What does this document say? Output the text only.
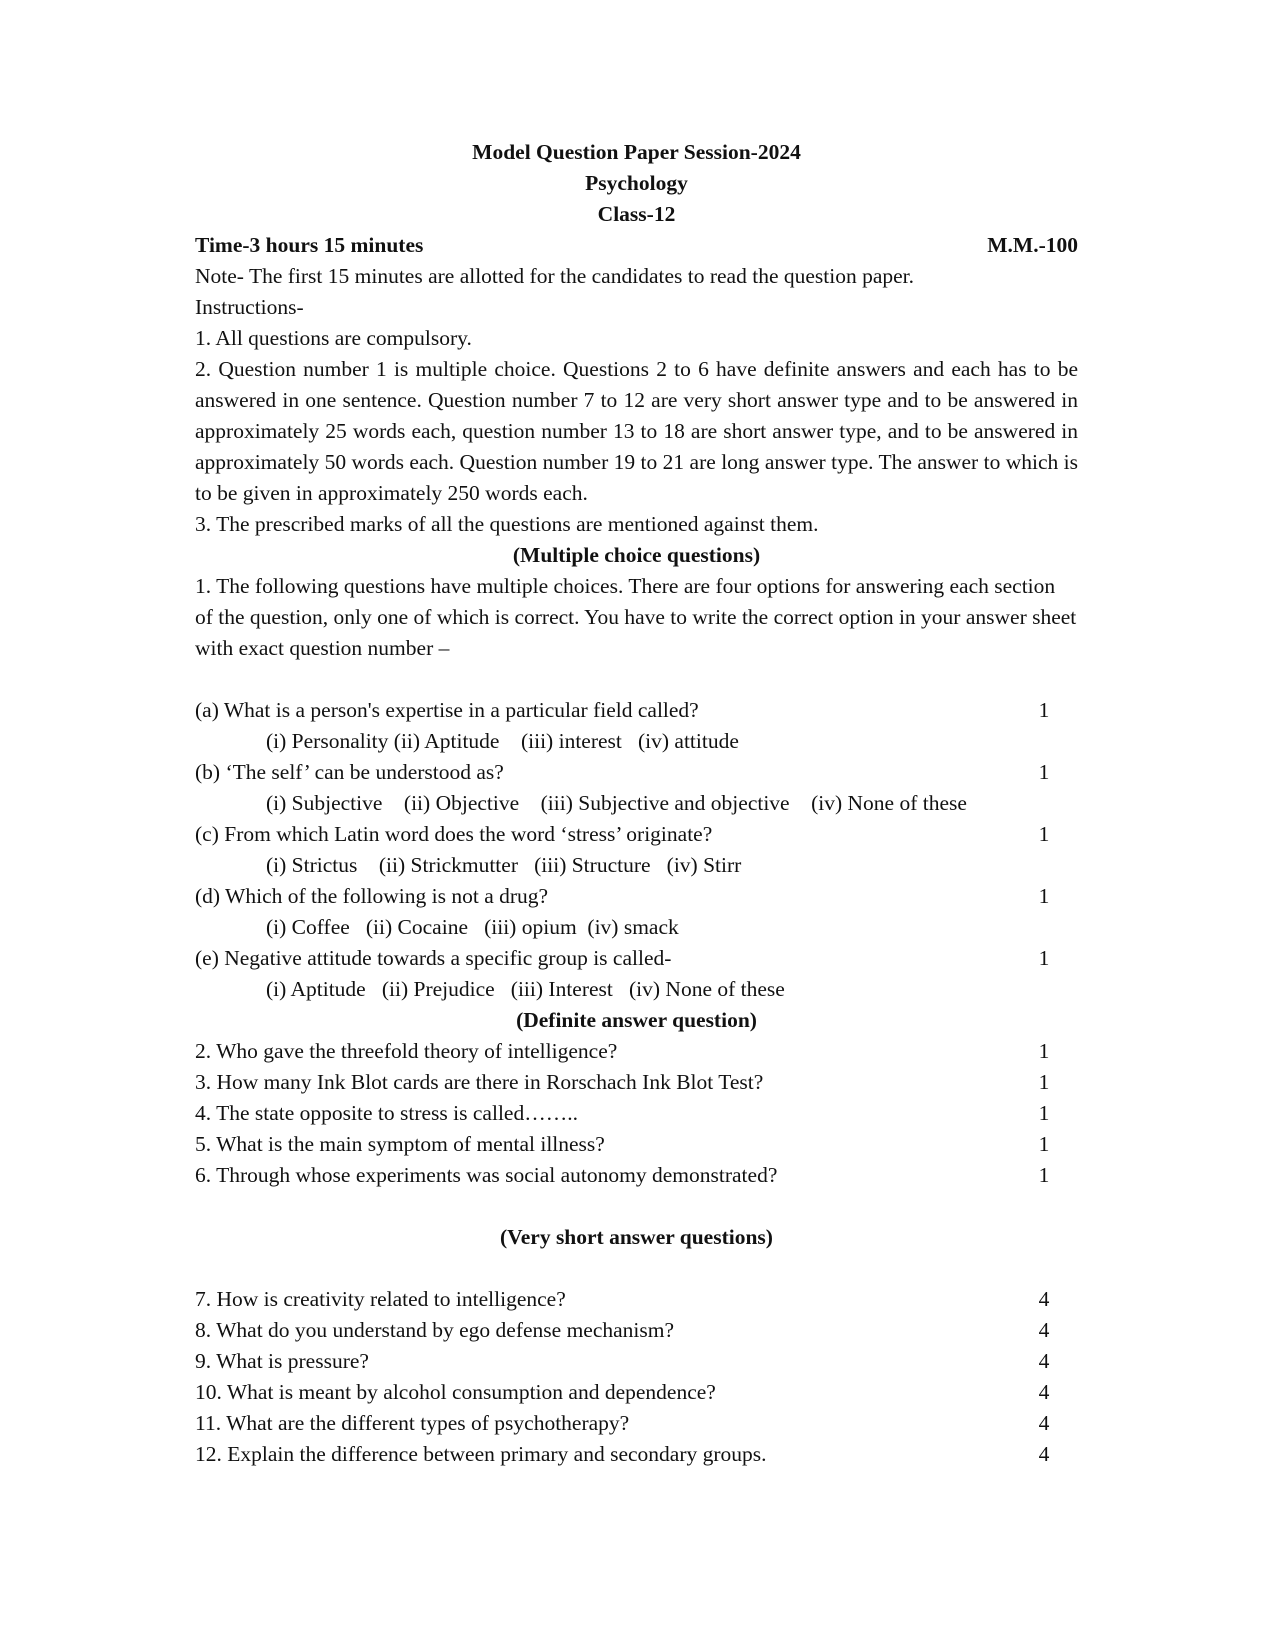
Model Question Paper Session-2024
Psychology
Class-12
Time-3 hours 15 minutes	M.M.-100
Note- The first 15 minutes are allotted for the candidates to read the question paper.
Instructions-
1. All questions are compulsory.
2. Question number 1 is multiple choice. Questions 2 to 6 have definite answers and each has to be answered in one sentence. Question number 7 to 12 are very short answer type and to be answered in approximately 25 words each, question number 13 to 18 are short answer type, and to be answered in approximately 50 words each. Question number 19 to 21 are long answer type. The answer to which is to be given in approximately 250 words each.
3. The prescribed marks of all the questions are mentioned against them.
(Multiple choice questions)
1. The following questions have multiple choices. There are four options for answering each section of the question, only one of which is correct. You have to write the correct option in your answer sheet with exact question number –
(a) What is a person's expertise in a particular field called?	1
(i) Personality (ii) Aptitude    (iii) interest   (iv) attitude
(b) ‘The self’ can be understood as?	1
(i) Subjective    (ii) Objective    (iii) Subjective and objective    (iv) None of these
(c) From which Latin word does the word ‘stress’ originate?	1
(i) Strictus    (ii) Strickmutter   (iii) Structure   (iv) Stirr
(d) Which of the following is not a drug?	1
(i) Coffee   (ii) Cocaine   (iii) opium  (iv) smack
(e) Negative attitude towards a specific group is called-	1
(i) Aptitude   (ii) Prejudice   (iii) Interest   (iv) None of these
(Definite answer question)
2. Who gave the threefold theory of intelligence?	1
3. How many Ink Blot cards are there in Rorschach Ink Blot Test?	1
4. The state opposite to stress is called……..	1
5. What is the main symptom of mental illness?	1
6. Through whose experiments was social autonomy demonstrated?	1
(Very short answer questions)
7. How is creativity related to intelligence?	4
8. What do you understand by ego defense mechanism?	4
9. What is pressure?	4
10. What is meant by alcohol consumption and dependence?	4
11. What are the different types of psychotherapy?	4
12. Explain the difference between primary and secondary groups.	4
